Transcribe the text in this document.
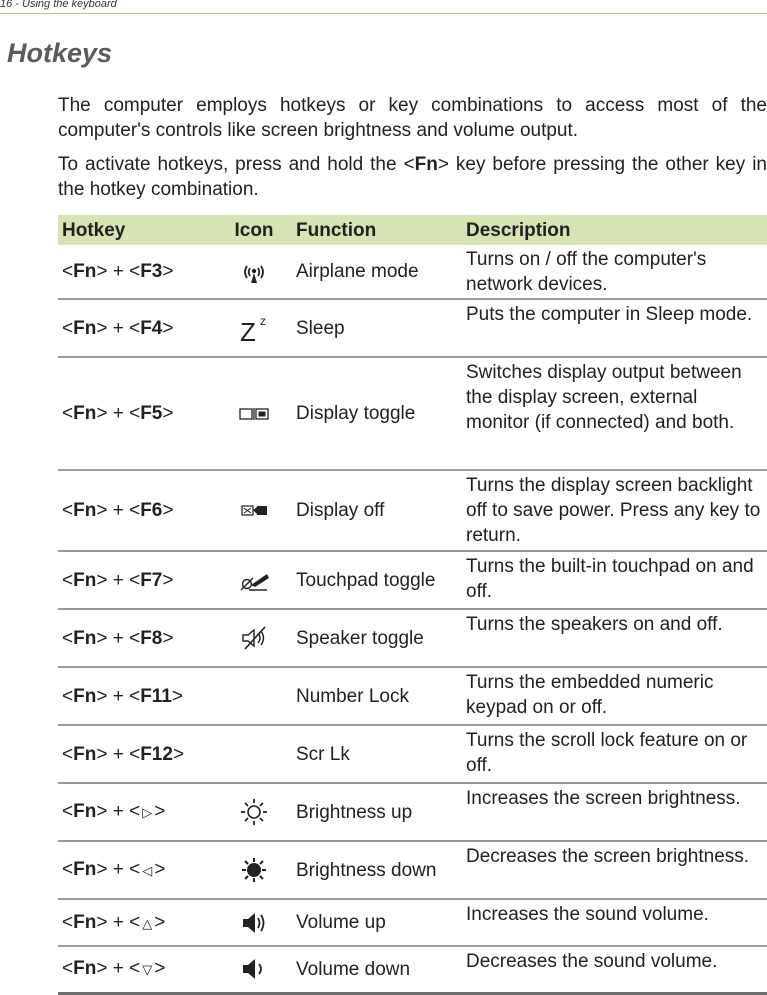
16 - Using the keyboard
Hotkeys

The computer employs hotkeys or key combinations to access most of the computer's controls like screen brightness and volume output.

To activate hotkeys, press and hold the <Fn> key before pressing the other key in the hotkey combination.

Hotkey	Icon	Function	Description
<Fn> + <F3>		Airplane mode	Turns on / off the computer's network devices.
<Fn> + <F4>	Z z	Sleep	Puts the computer in Sleep mode.
<Fn> + <F5>		Display toggle	Switches display output between the display screen, external monitor (if connected) and both.
<Fn> + <F6>		Display off	Turns the display screen backlight off to save power. Press any key to return.
<Fn> + <F7>		Touchpad toggle	Turns the built-in touchpad on and off.
<Fn> + <F8>		Speaker toggle	Turns the speakers on and off.
<Fn> + <F11>		Number Lock	Turns the embedded numeric keypad on or off.
<Fn> + <F12>		Scr Lk	Turns the scroll lock feature on or off.
<Fn> + < ▷ >		Brightness up	Increases the screen brightness.
<Fn> + < ◁ >		Brightness down	Decreases the screen brightness.
<Fn> + < △ >		Volume up	Increases the sound volume.
<Fn> + < ▽ >		Volume down	Decreases the sound volume.
